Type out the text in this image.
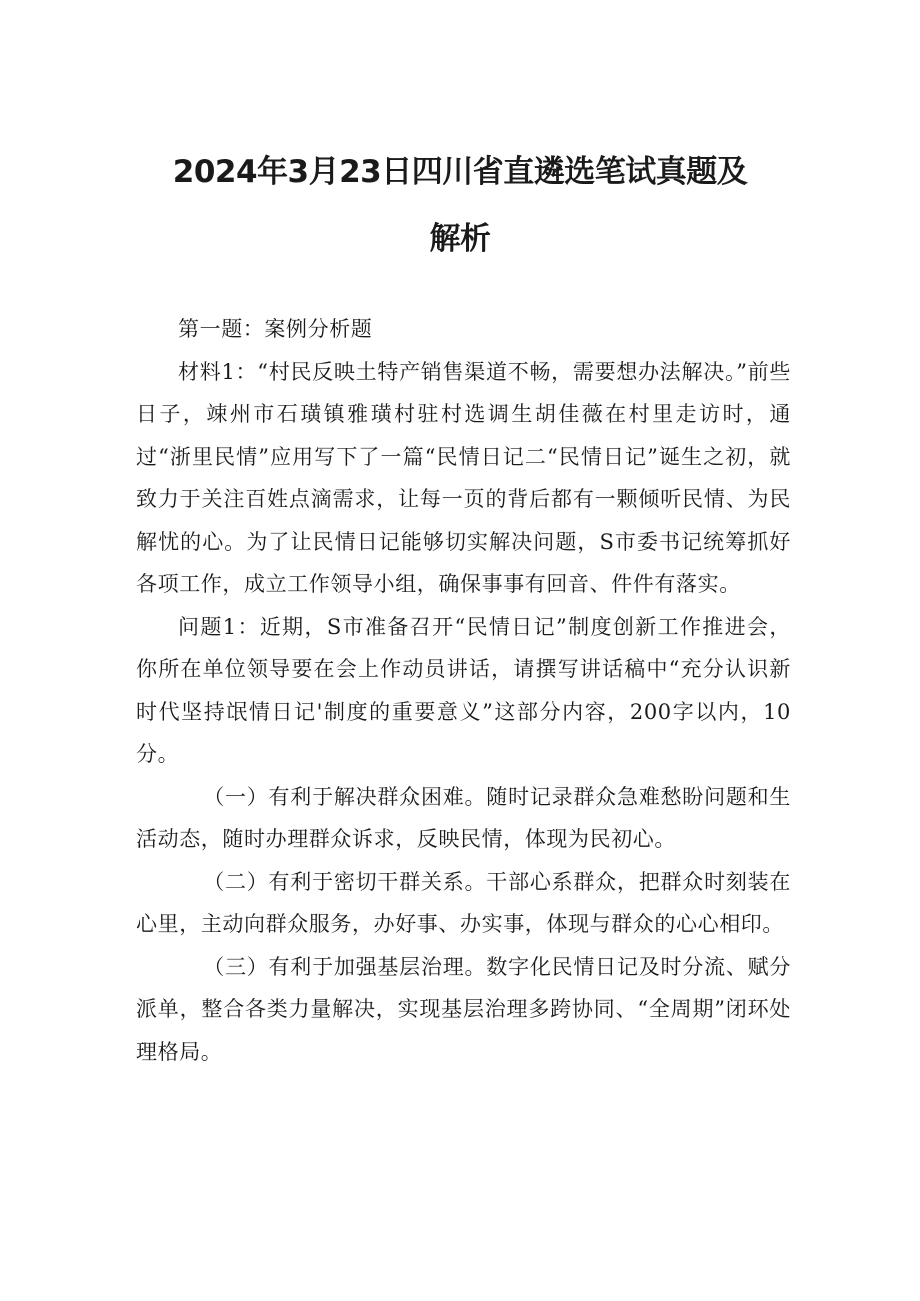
2024年3月23日四川省直遴选笔试真题及
解析

第一题：案例分析题

材料1：“村民反映土特产销售渠道不畅，需要想办法解决。”前些日子，竦州市石璜镇雅璜村驻村选调生胡佳薇在村里走访时，通过“浙里民情”应用写下了一篇“民情日记二“民情日记”诞生之初，就致力于关注百姓点滴需求，让每一页的背后都有一颗倾听民情、为民解忧的心。为了让民情日记能够切实解决问题，S市委书记统筹抓好各项工作，成立工作领导小组，确保事事有回音、件件有落实。

问题1：近期，S市准备召开“民情日记”制度创新工作推进会，你所在单位领导要在会上作动员讲话，请撰写讲话稿中“充分认识新时代坚持氓情日记'制度的重要意义”这部分内容，200字以内，10分。

（一）有利于解决群众困难。随时记录群众急难愁盼问题和生活动态，随时办理群众诉求，反映民情，体现为民初心。

（二）有利于密切干群关系。干部心系群众，把群众时刻装在心里，主动向群众服务，办好事、办实事，体现与群众的心心相印。

（三）有利于加强基层治理。数字化民情日记及时分流、赋分派单，整合各类力量解决，实现基层治理多跨协同、“全周期”闭环处理格局。
